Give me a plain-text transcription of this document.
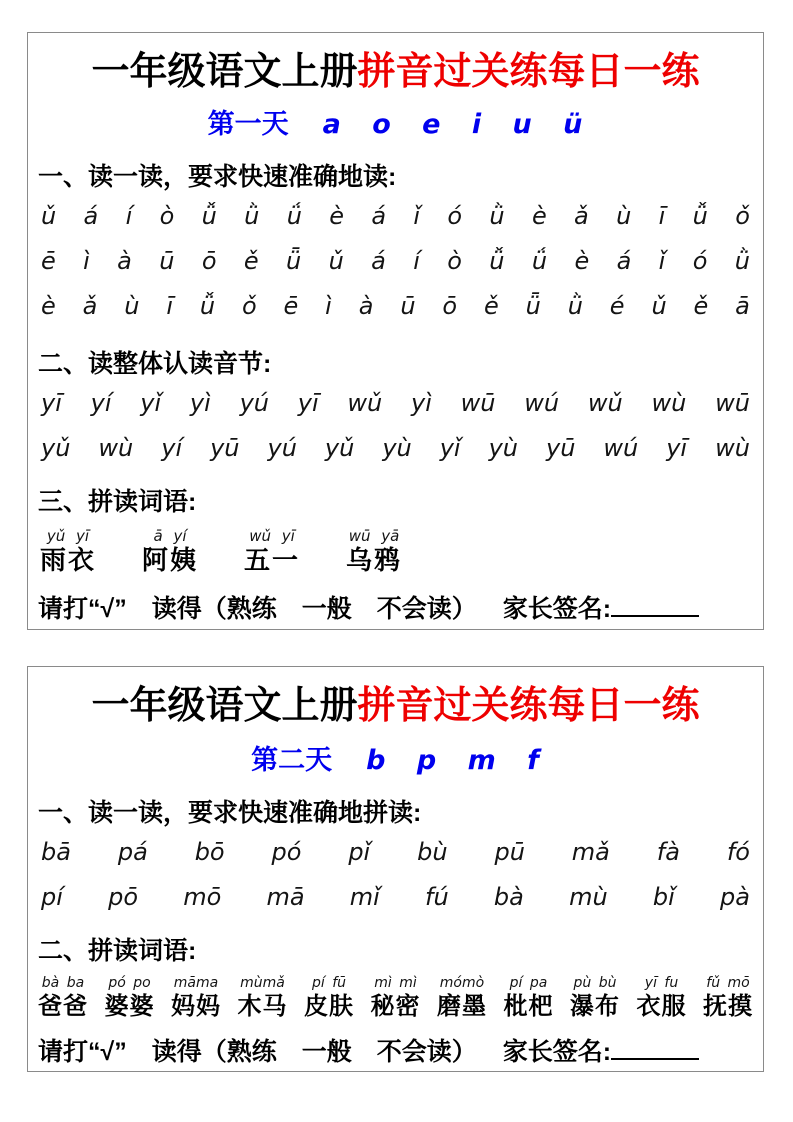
一年级语文上册拼音过关练每日一练
第一天 a o e i u ü
一、读一读，要求快速准确地读:
ǔ á í ò ǚ ǜ ǘ è á ǐ ó ǜ è ǎ ù ī ǚ ǒ
ē ì à ū ō ě ǖ ǔ á í ò ǚ ǘ è á ǐ ó ǜ
è ǎ ù ī ǚ ǒ ē ì à ū ō ě ǖ ǜ é ǔ ě ā
二、读整体认读音节:
yī yí yǐ yì yú yī wǔ yì wū wú wǔ wù wū
yǔ wù yí yū yú yǔ yù yǐ yù yū wú yī wù
三、拼读词语:
yǔ yī
雨衣
ā yí
阿姨
wǔ yī
五一
wū yā
乌鸦
请打“√”　读得（熟练　一般　不会读） 家长签名:
一年级语文上册拼音过关练每日一练
第二天 b p m f
一、读一读，要求快速准确地拼读:
bā pá bō pó pǐ bù pū mǎ fà fó
pí pō mō mā mǐ fú bà mù bǐ pà
二、拼读词语:
bà ba
爸爸
pó po
婆婆
māma
妈妈
mùmǎ
木马
pí fū
皮肤
mì mì
秘密
mómò
磨墨
pí pa
枇杷
pù bù
瀑布
yī fu
衣服
fǔ mō
抚摸
请打“√”　读得（熟练　一般　不会读） 家长签名:
